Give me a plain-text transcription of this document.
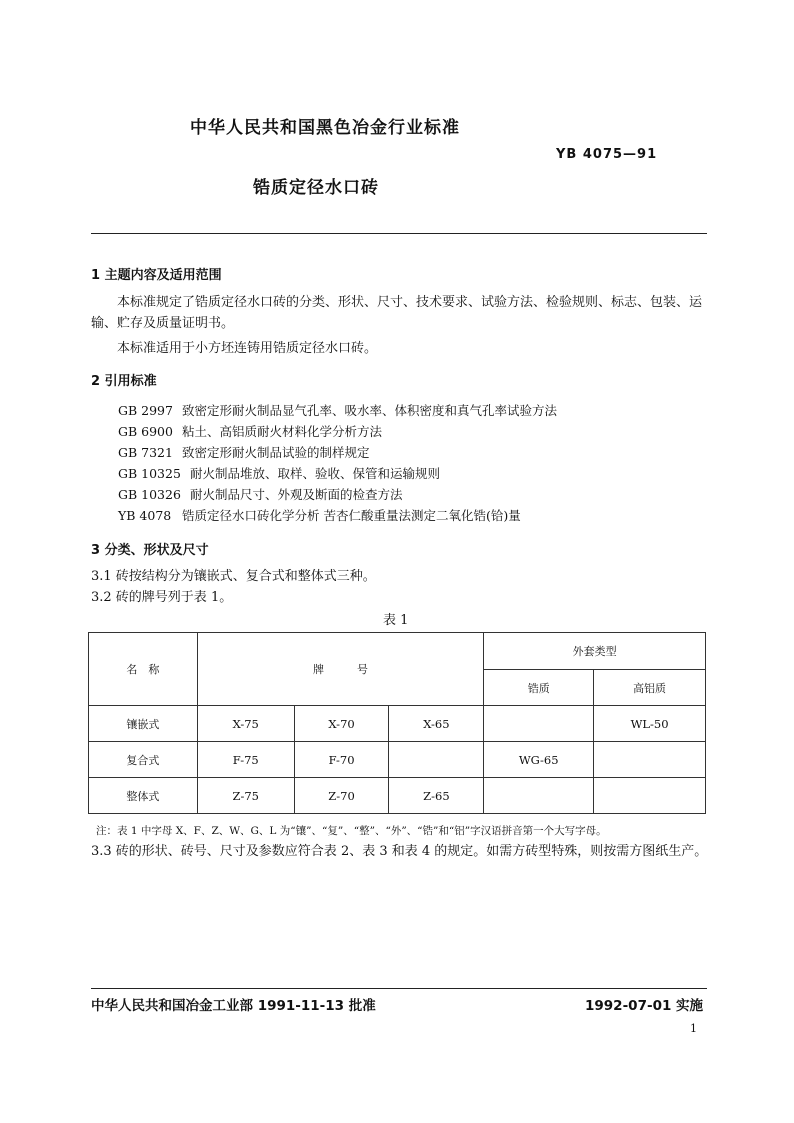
中华人民共和国黑色冶金行业标准
YB 4075—91
锆质定径水口砖
1 主题内容及适用范围
本标准规定了锆质定径水口砖的分类、形状、尺寸、技术要求、试验方法、检验规则、标志、包装、运输、贮存及质量证明书。
本标准适用于小方坯连铸用锆质定径水口砖。
2 引用标准
GB 2997 致密定形耐火制品显气孔率、吸水率、体积密度和真气孔率试验方法
GB 6900 粘土、高铝质耐火材料化学分析方法
GB 7321 致密定形耐火制品试验的制样规定
GB 10325 耐火制品堆放、取样、验收、保管和运输规则
GB 10326 耐火制品尺寸、外观及断面的检查方法
YB 4078 锆质定径水口砖化学分析 苦杏仁酸重量法测定二氧化锆(铪)量
3 分类、形状及尺寸
3.1 砖按结构分为镶嵌式、复合式和整体式三种。
3.2 砖的牌号列于表 1。
表 1
名　称	牌　　　号			外套类型	
				锆质	高铝质
镶嵌式	X-75	X-70	X-65		WL-50
复合式	F-75	F-70		WG-65	
整体式	Z-75	Z-70	Z-65		
注：表 1 中字母 X、F、Z、W、G、L 为“镶”、“复”、“整”、“外”、“锆”和“铝”字汉语拼音第一个大写字母。
3.3 砖的形状、砖号、尺寸及参数应符合表 2、表 3 和表 4 的规定。如需方砖型特殊，则按需方图纸生产。
中华人民共和国冶金工业部 1991-11-13 批准	1992-07-01 实施
1
